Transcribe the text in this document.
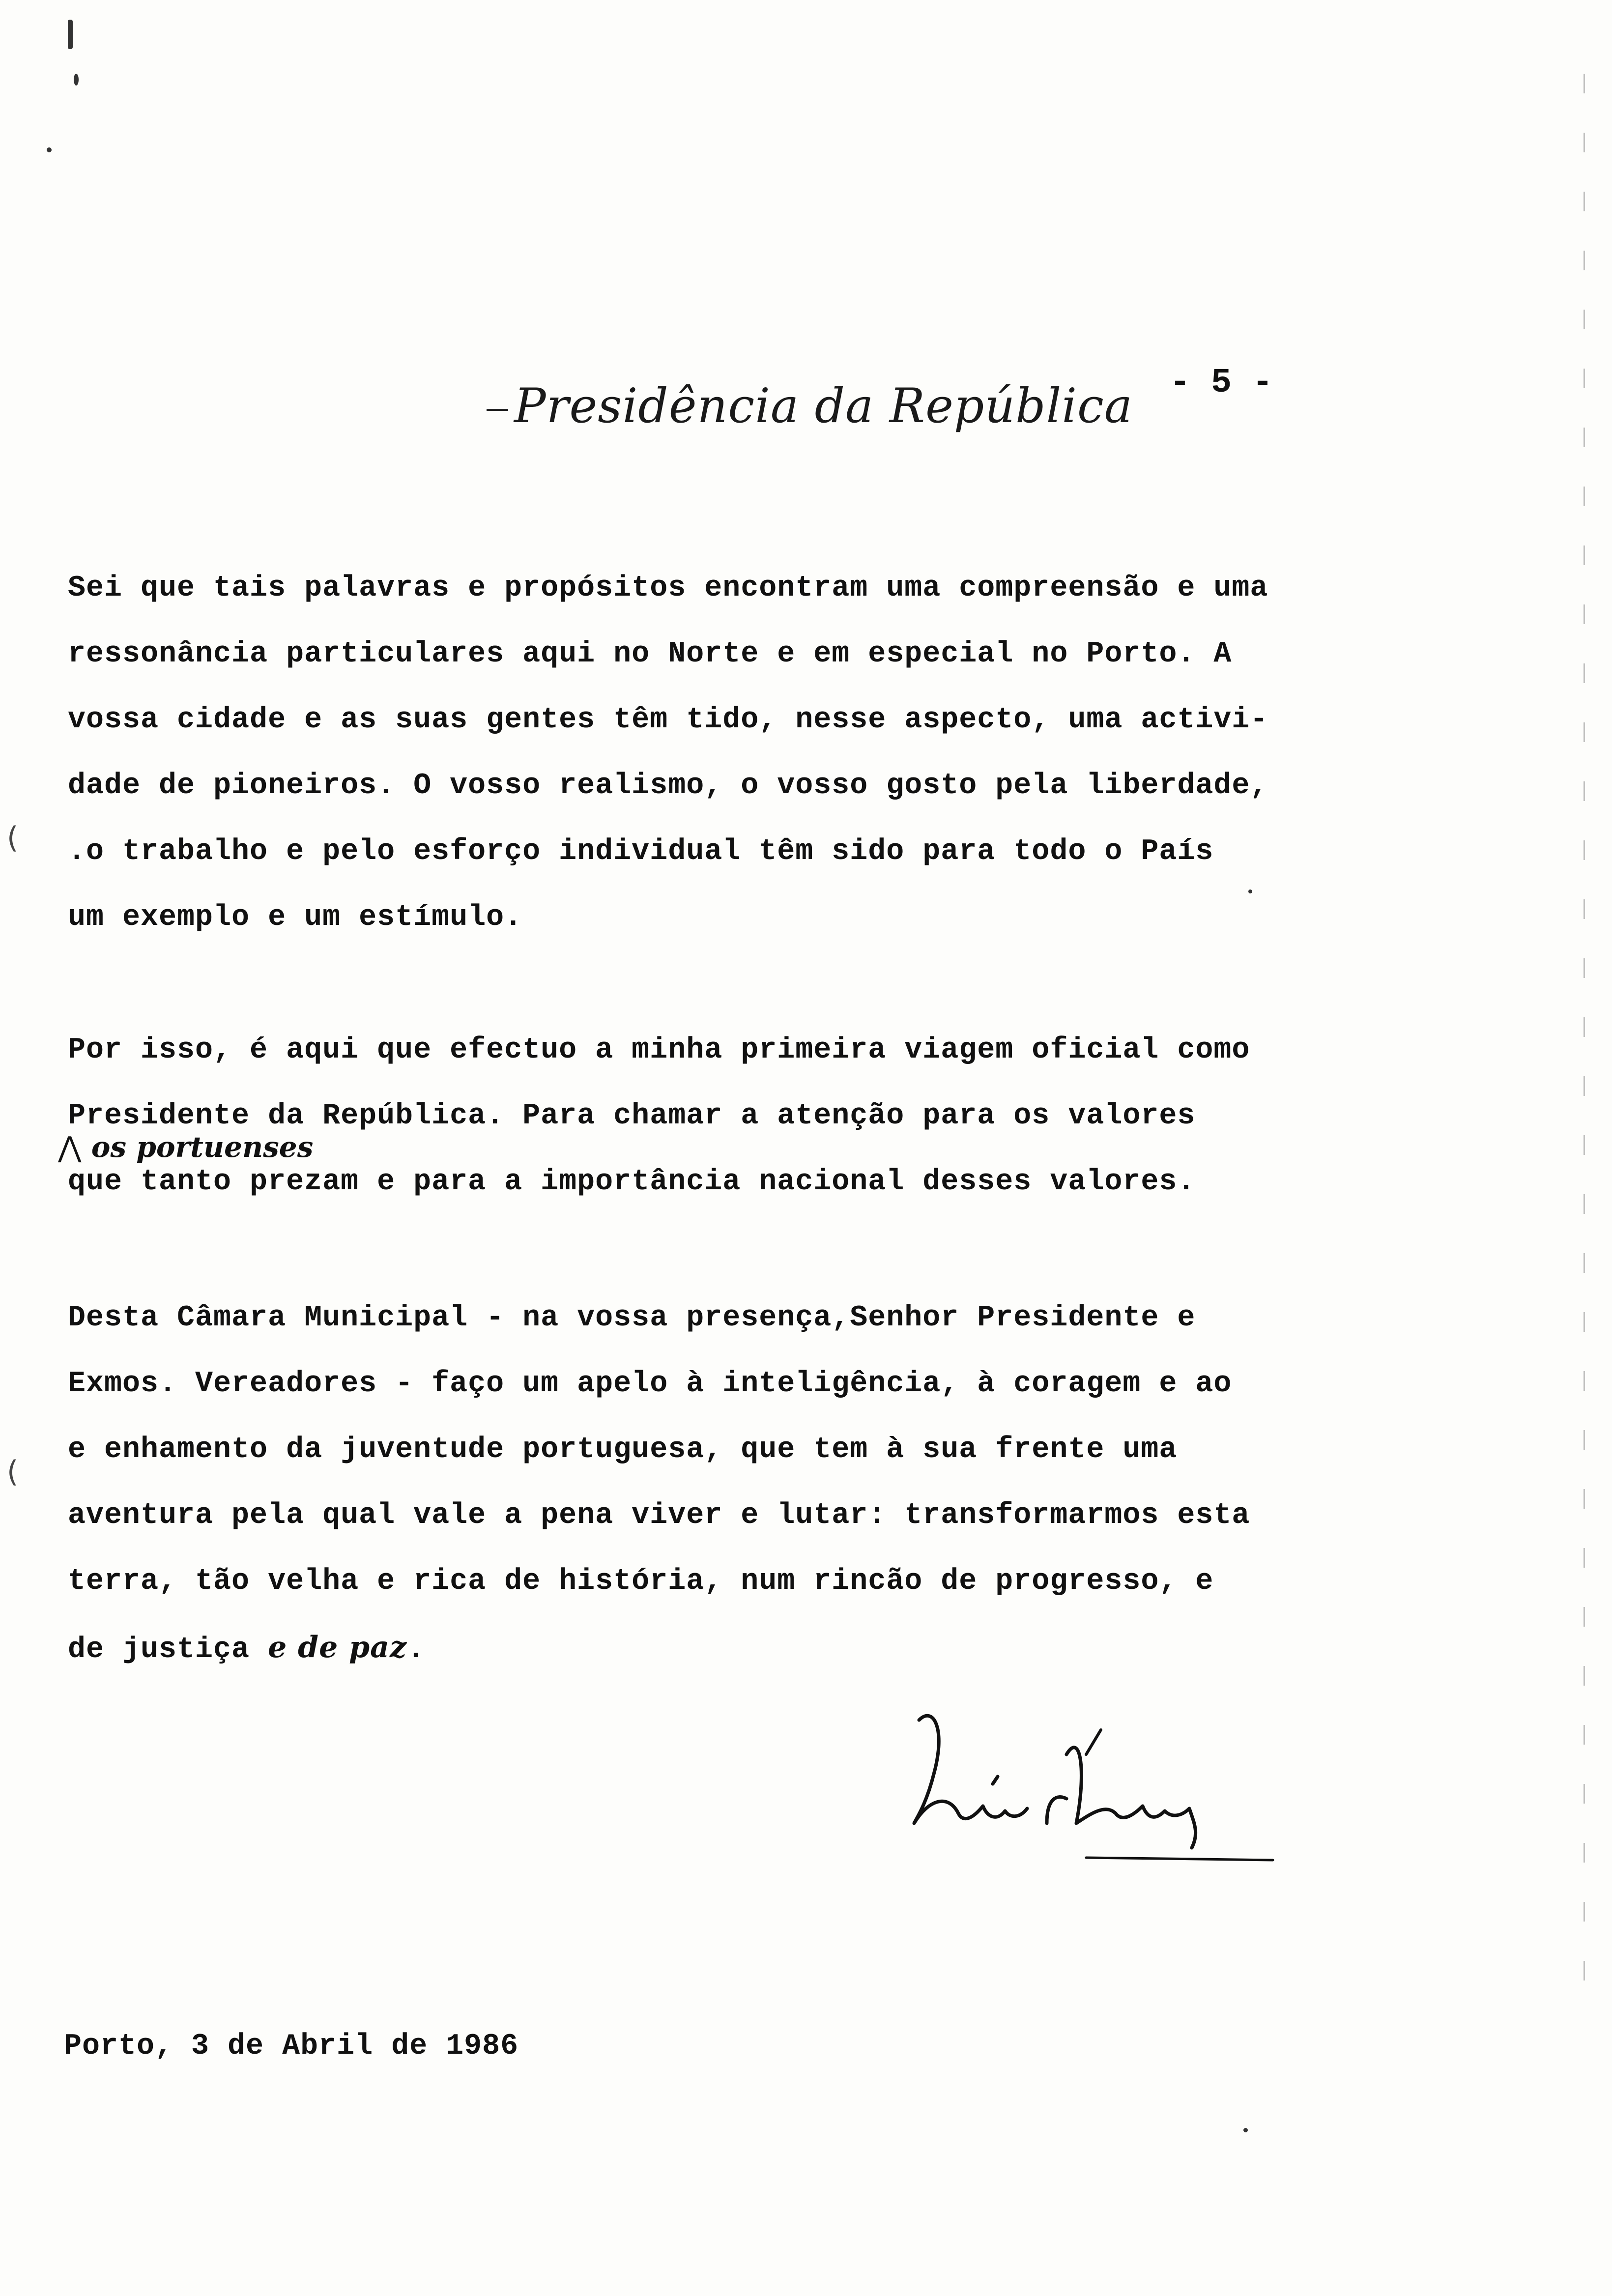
Presidência da República - 5 -
Sei que tais palavras e propósitos encontram uma compreensão e uma
ressonância particulares aqui no Norte e em especial no Porto. A
vossa cidade e as suas gentes têm tido, nesse aspecto, uma activi-
dade de pioneiros. O vosso realismo, o vosso gosto pela liberdade,
.o trabalho e pelo esforço individual têm sido para todo o País
um exemplo e um estímulo.
Por isso, é aqui que efectuo a minha primeira viagem oficial como
Presidente da República. Para chamar a atenção para os valores
que tanto prezam e para a importância nacional desses valores.
⋀ os portuenses
Desta Câmara Municipal - na vossa presença,Senhor Presidente e
Exmos. Vereadores - faço um apelo à inteligência, à coragem e ao
e enhamento da juventude portuguesa, que tem à sua frente uma
aventura pela qual vale a pena viver e lutar: transformarmos esta
terra, tão velha e rica de história, num rincão de progresso, e
de justiça e de paz.
Porto, 3 de Abril de 1986
(
(
